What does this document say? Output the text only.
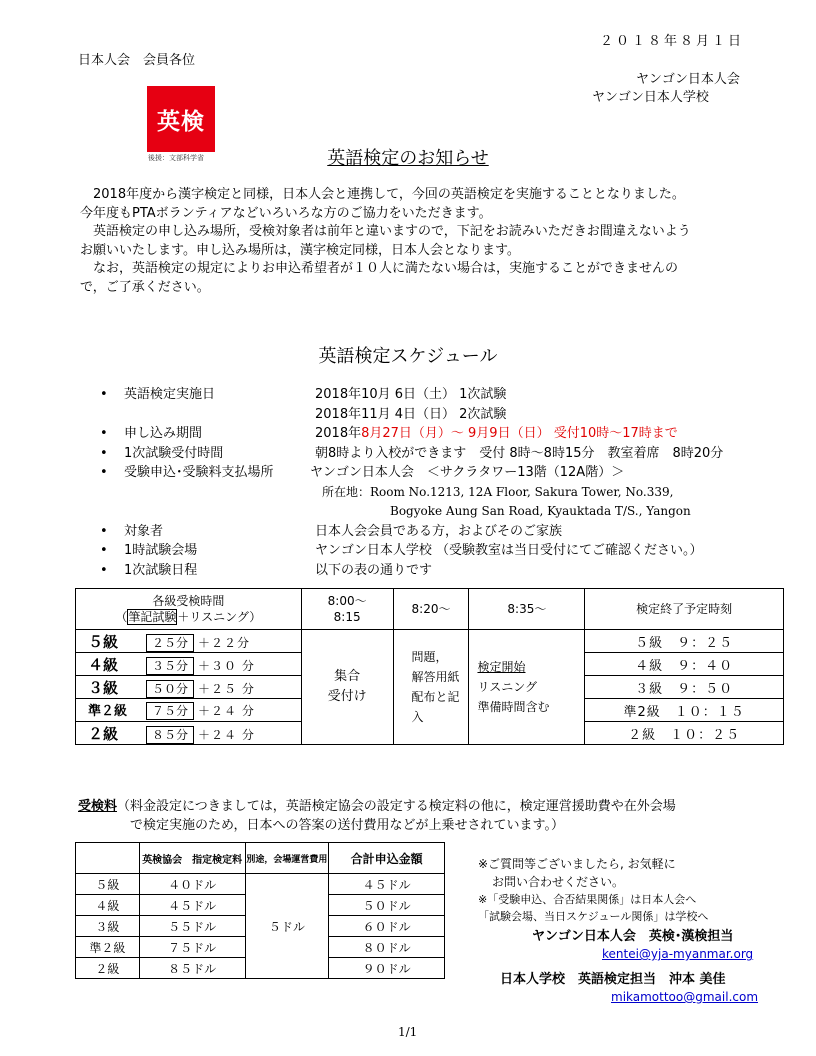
２０１８年８月１日
日本人会　会員各位
ヤンゴン日本人会
ヤンゴン日本人学校
英検
後援：文部科学省	英語検定のお知らせ

　2018年度から漢字検定と同様，日本人会と連携して，今回の英語検定を実施することとなりました。

今年度もPTAボランティアなどいろいろな方のご協力をいただきます。

　英語検定の申し込み場所，受検対象者は前年と違いますので，下記をお読みいただきお間違えないよう

お願いいたします。申し込み場所は，漢字検定同様，日本人会となります。

　なお，英語検定の規定によりお申込希望者が１０人に満たない場合は，実施することができませんの

で，ご了承ください。

英語検定スケジュール
•	英語検定実施日	2018年10月 6日（土） 1次試験
2018年11月 4日（日） 2次試験
•	申し込み期間	2018年8月27日（月）～ 9月9日（日） 受付10時～17時まで
•	1次試験受付時間	朝8時より入校ができます　受付 8時～8時15分　教室着席　8時20分
•	受験申込･受験料支払場所	ヤンゴン日本人会　＜サクラタワー13階（12A階）＞
所在地：Room No.1213, 12A Floor, Sakura Tower, No.339,
Bogyoke Aung San Road, Kyauktada T/S., Yangon
•	対象者	日本人会会員である方，およびそのご家族
•	1時試験会場	ヤンゴン日本人学校 （受験教室は当日受付にてご確認ください。）
•	1次試験日程	以下の表の通りです
各級受検時間
（筆記試験＋リスニング）	8:00～
8:15	8:20～	8:35～	検定終了予定時刻
５級 ２５分 ＋２２分	集合
受付け	問題，
解答用紙
配布と記入	検定開始
リスニング
準備時間含む	５級　９：２５
４級 ３５分 ＋３０ 分				４級　９：４０
３級 ５０分 ＋２５ 分				３級　９：５０
準２級 ７５分 ＋２４ 分				準2級　１０：１５
２級 ８５分 ＋２４ 分				２級　１０：２５
受検料（料金設定につきましては，英語検定協会の設定する検定料の他に，検定運営援助費や在外会場
で検定実施のため，日本への答案の送付費用などが上乗せされています。）
	英検協会　指定検定料	別途，会場運営費用	合計申込金額
５級	４０ドル	５ドル	４５ドル
４級	４５ドル		５０ドル
３級	５５ドル		６０ドル
準２級	７５ドル		８０ドル
２級	８５ドル		９０ドル
※ご質問等ございましたら, お気軽に
お問い合わせください。
※「受験申込、合否結果関係」は日本人会へ
「試験会場、当日スケジュール関係」は学校へ
ヤンゴン日本人会　英検･漢検担当
kentei@yja-myanmar.org
日本人学校　英語検定担当　沖本 美佳
mikamottoo@gmail.com
1/1
